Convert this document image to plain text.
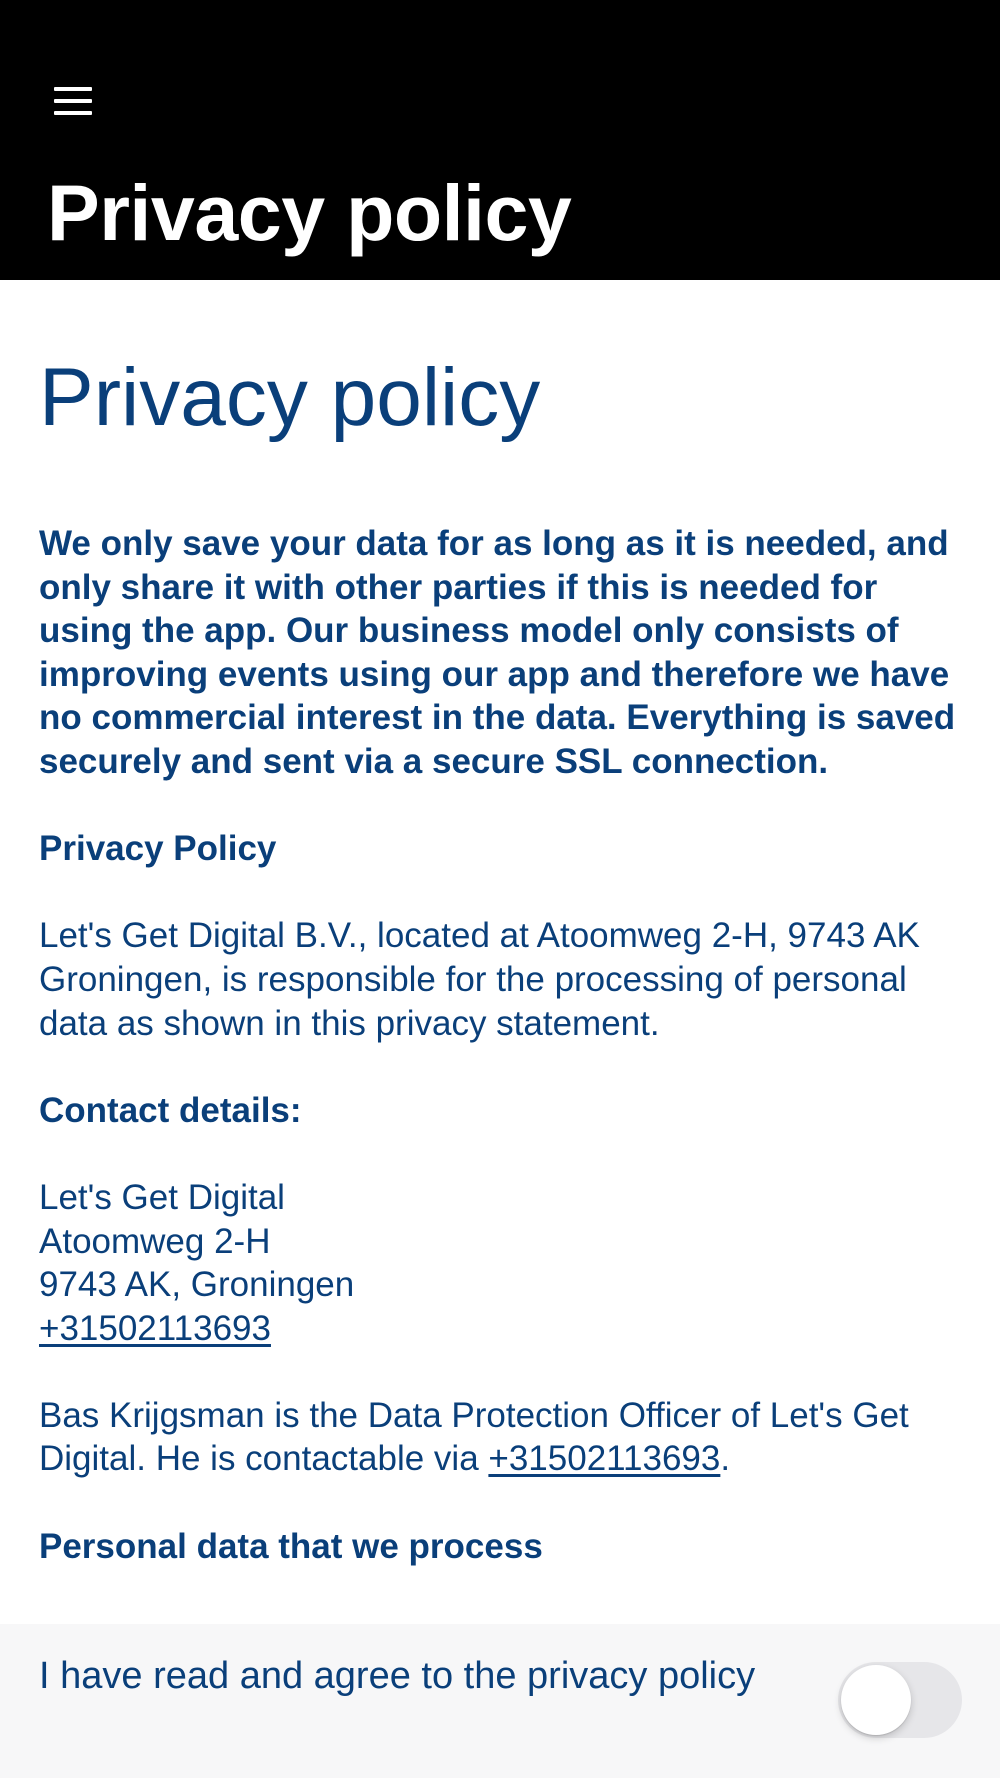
Privacy policy
Privacy policy

We only save your data for as long as it is needed, and only share it with other parties if this is needed for using the app. Our business model only consists of improving events using our app and therefore we have no commercial interest in the data. Everything is saved securely and sent via a secure SSL connection.

Privacy Policy

Let's Get Digital B.V., located at Atoomweg 2-H, 9743 AK Groningen, is responsible for the processing of personal data as shown in this privacy statement.

Contact details:

Let's Get Digital
Atoomweg 2-H
9743 AK, Groningen
+31502113693

Bas Krijgsman is the Data Protection Officer of Let's Get Digital. He is contactable via +31502113693.

Personal data that we process

I have read and agree to the privacy policy
